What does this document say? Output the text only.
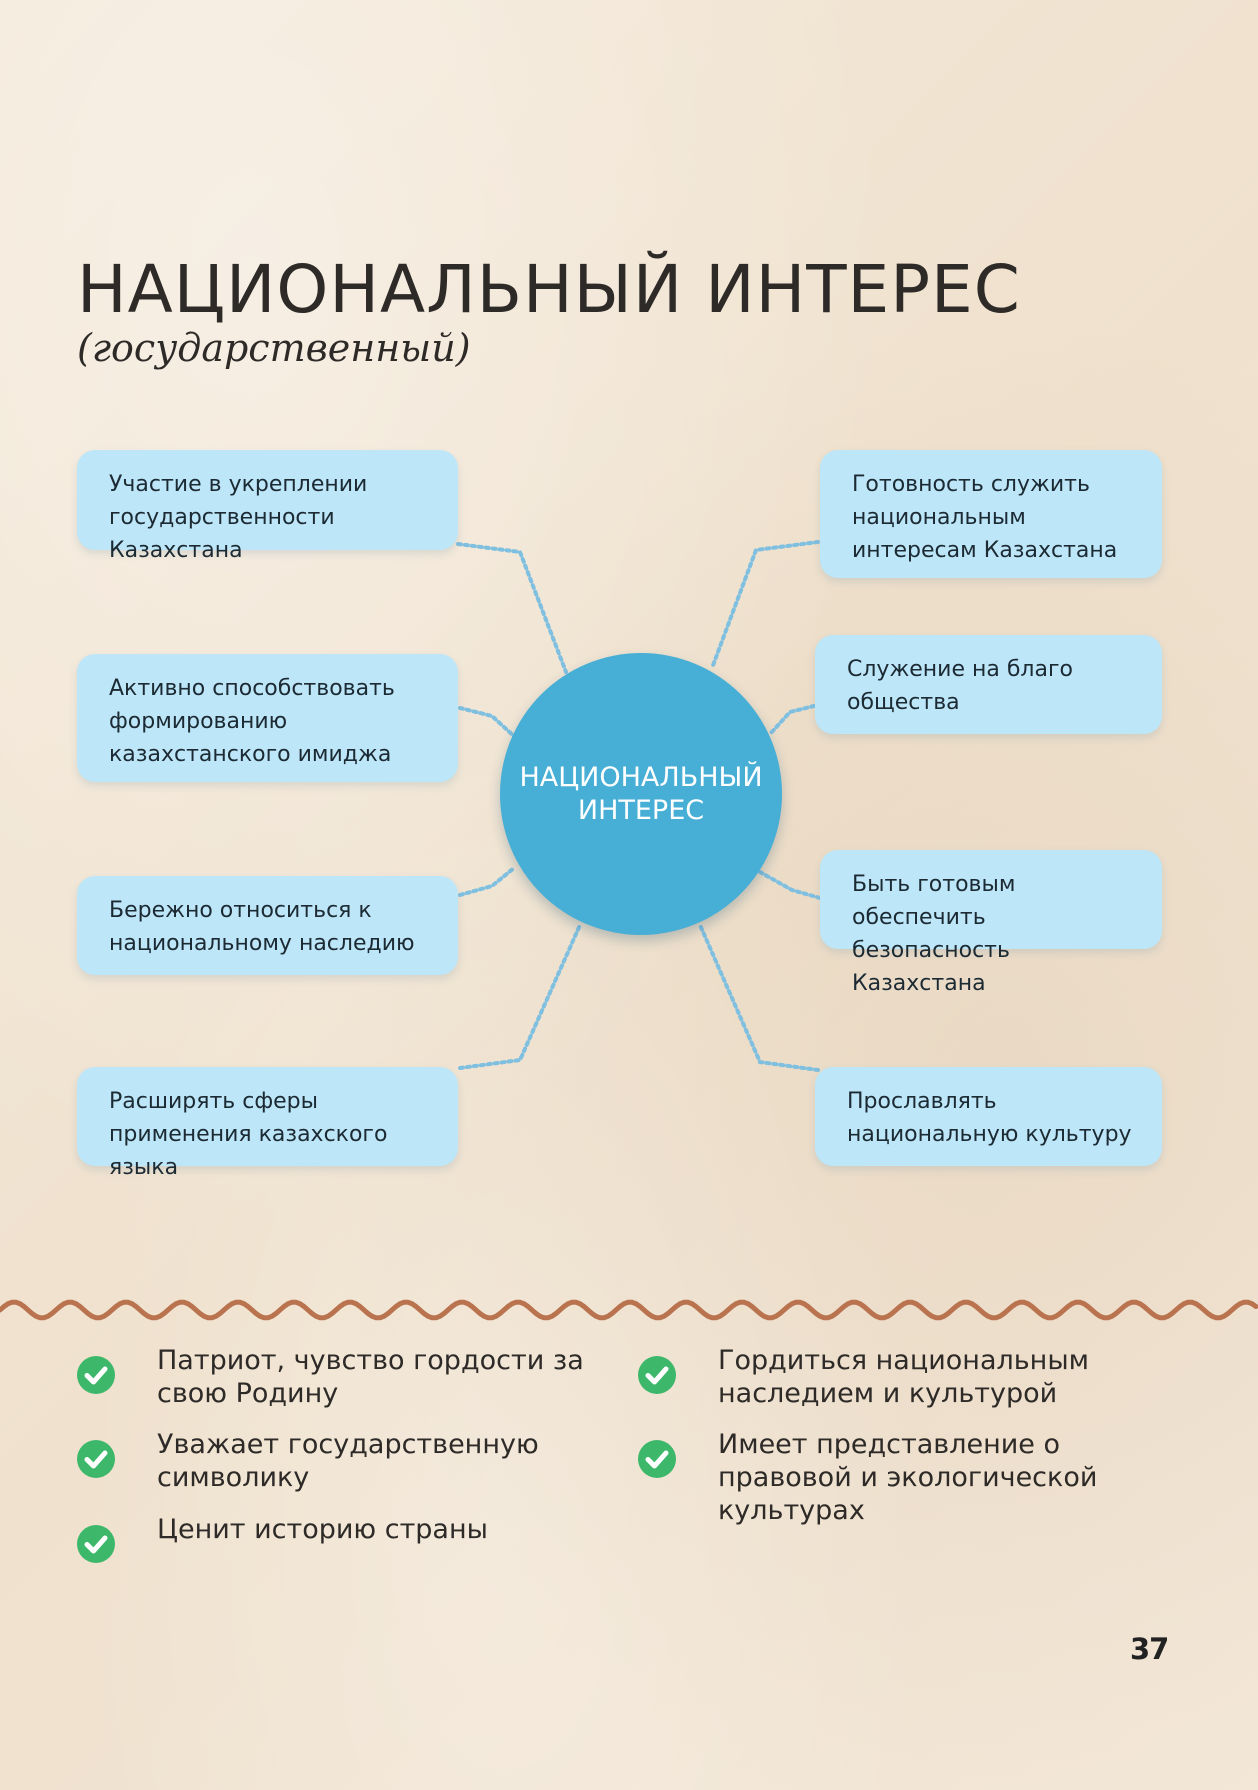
НАЦИОНАЛЬНЫЙ ИНТЕРЕС

(государственный)

Участие в укреплении государственности Казахстана
Активно способствовать формированию казахстанского имиджа
Бережно относиться к национальному наследию
Расширять сферы применения казахского языка
Готовность служить национальным интересам Казахстана
Служение на благо общества
Быть готовым обеспечить безопасность Казахстана
Прославлять национальную культуру
НАЦИОНАЛЬНЫЙ ИНТЕРЕС
Патриот, чувство гордости за свою Родину
Уважает государственную символику
Ценит историю страны
Гордиться национальным наследием и культурой
Имеет представление о правовой и экологической культурах
37
